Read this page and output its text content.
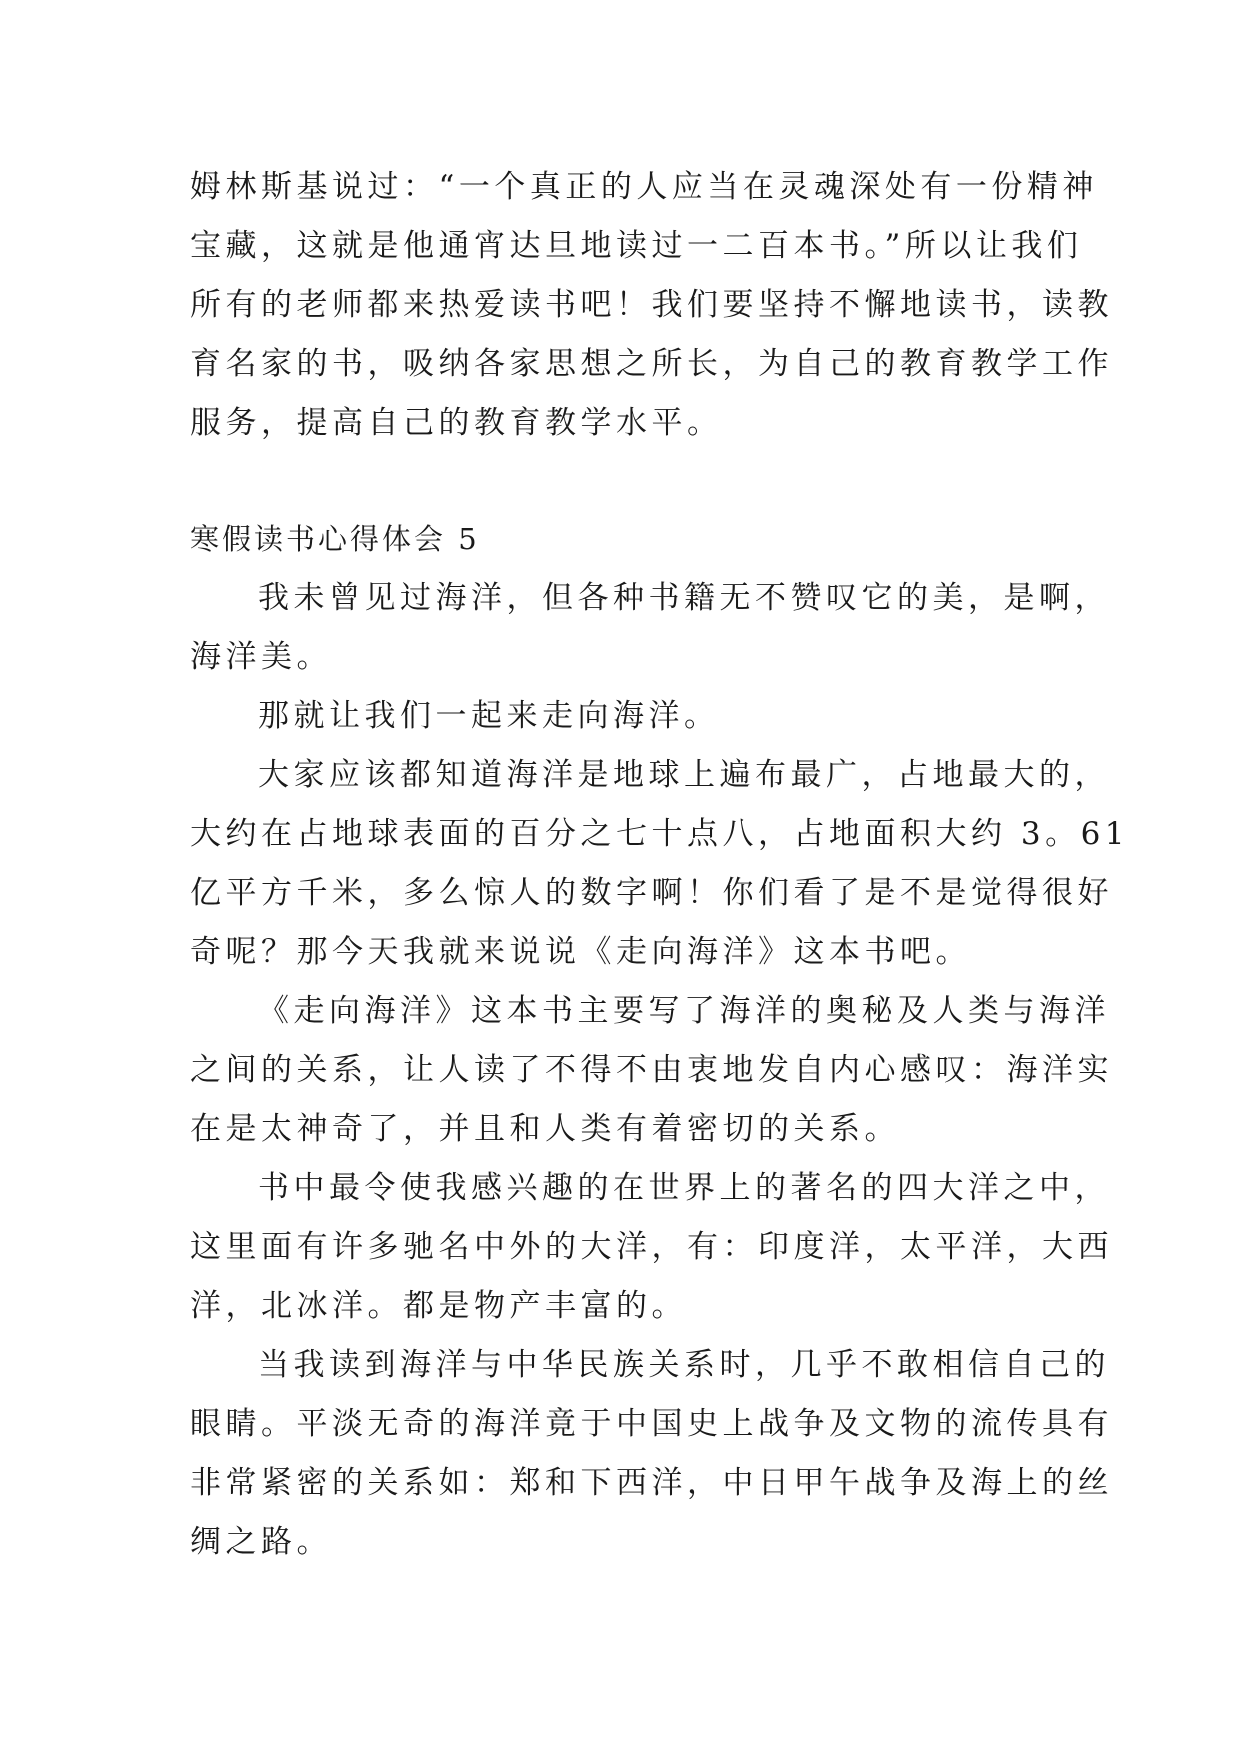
姆林斯基说过：“一个真正的人应当在灵魂深处有一份精神
宝藏，这就是他通宵达旦地读过一二百本书。”所以让我们
所有的老师都来热爱读书吧！我们要坚持不懈地读书，读教
育名家的书，吸纳各家思想之所长，为自己的教育教学工作
服务，提高自己的教育教学水平。
寒假读书心得体会 5
我未曾见过海洋，但各种书籍无不赞叹它的美，是啊，
海洋美。
那就让我们一起来走向海洋。
大家应该都知道海洋是地球上遍布最广，占地最大的，
大约在占地球表面的百分之七十点八，占地面积大约 3。61
亿平方千米，多么惊人的数字啊！你们看了是不是觉得很好
奇呢？那今天我就来说说《走向海洋》这本书吧。
《走向海洋》这本书主要写了海洋的奥秘及人类与海洋
之间的关系，让人读了不得不由衷地发自内心感叹：海洋实
在是太神奇了，并且和人类有着密切的关系。
书中最令使我感兴趣的在世界上的著名的四大洋之中，
这里面有许多驰名中外的大洋，有：印度洋，太平洋，大西
洋，北冰洋。都是物产丰富的。
当我读到海洋与中华民族关系时，几乎不敢相信自己的
眼睛。平淡无奇的海洋竟于中国史上战争及文物的流传具有
非常紧密的关系如：郑和下西洋，中日甲午战争及海上的丝
绸之路。
